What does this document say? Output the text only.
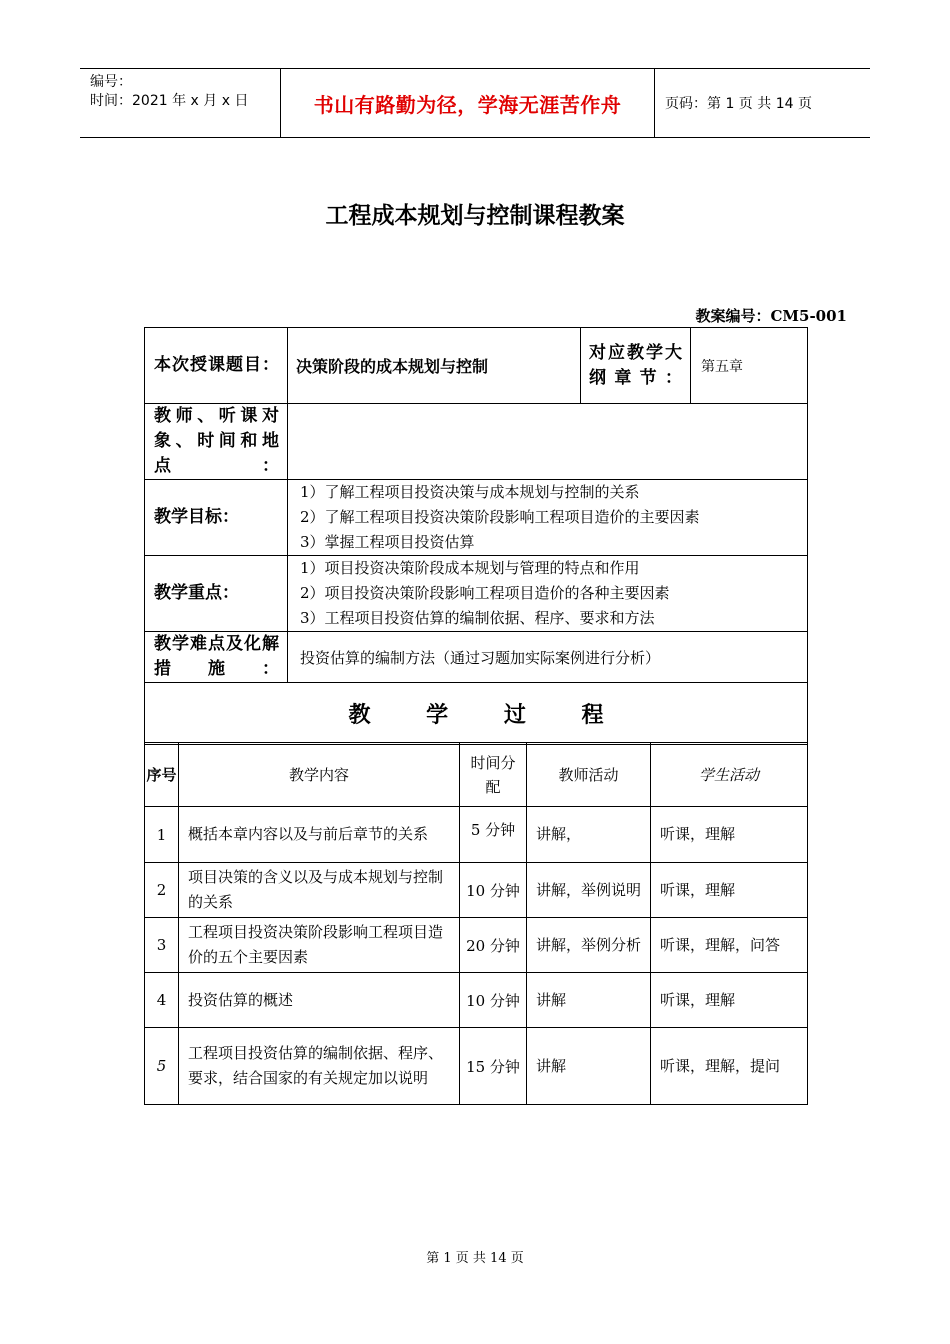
编号：
时间：2021 年 x 月 x 日	书山有路勤为径，学海无涯苦作舟	页码：第 1 页 共 14 页
工程成本规划与控制课程教案
教案编号：CM5-001
本次授课题目：	决策阶段的成本规划与控制	对应教学大纲章节：	第五章
教师、听课对象、时间和地点：			
教学目标：	1）了解工程项目投资决策与成本规划与控制的关系
2）了解工程项目投资决策阶段影响工程项目造价的主要因素
3）掌握工程项目投资估算		

教学重点：	1）项目投资决策阶段成本规划与管理的特点和作用
2）项目投资决策阶段影响工程项目造价的各种主要因素
3）工程项目投资估算的编制依据、程序、要求和方法		

教学难点及化解措施：	投资估算的编制方法（通过习题加实际案例进行分析）		
教 学 过 程			
序号	教学内容	时间分配	教师活动	学生活动
1	概括本章内容以及与前后章节的关系	5 分钟	讲解，	听课，理解
2	项目决策的含义以及与成本规划与控制的关系	10 分钟	讲解，举例说明	听课，理解
3	工程项目投资决策阶段影响工程项目造价的五个主要因素	20 分钟	讲解，举例分析	听课，理解，问答
4	投资估算的概述	10 分钟	讲解	听课，理解
5	工程项目投资估算的编制依据、程序、要求，结合国家的有关规定加以说明	15 分钟	讲解	听课，理解，提问
第 1 页 共 14 页
